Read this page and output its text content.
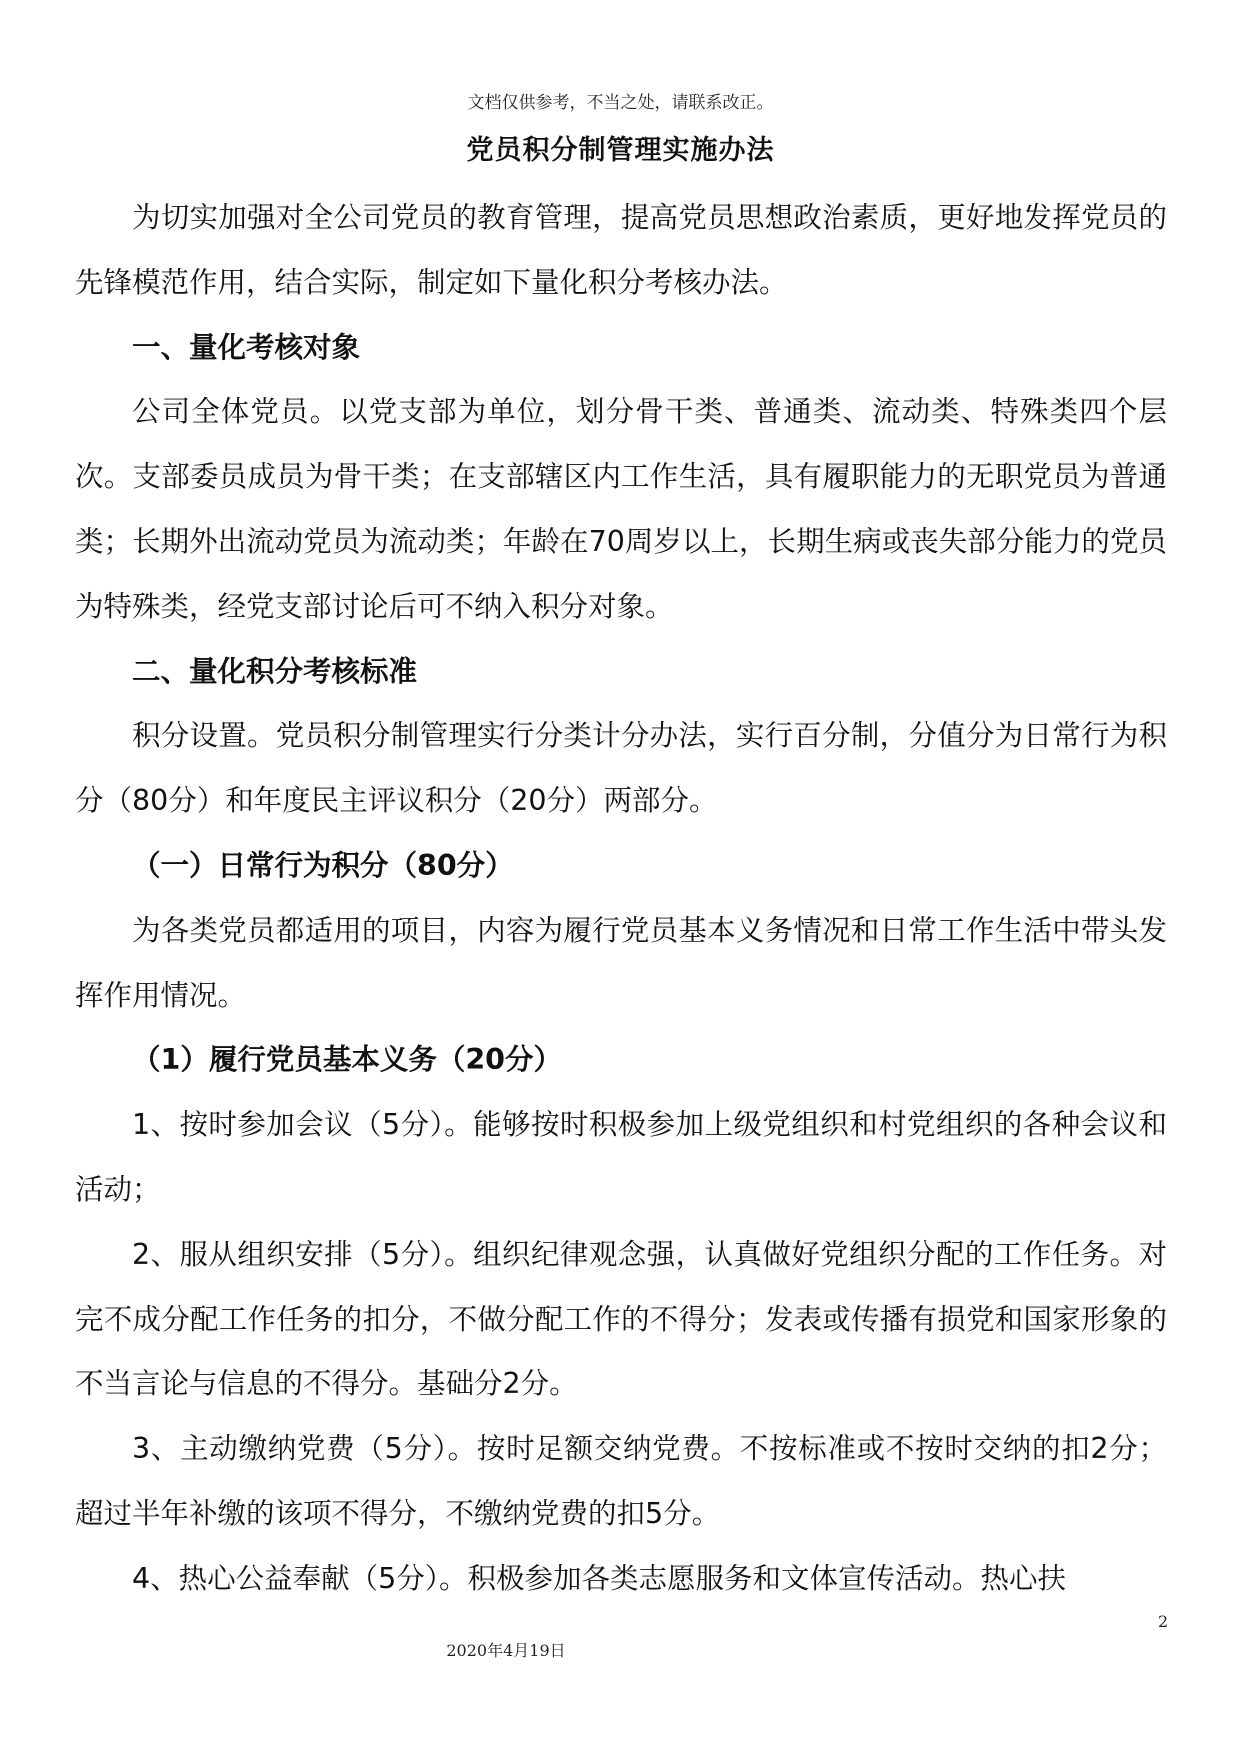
文档仅供参考，不当之处，请联系改正。
党员积分制管理实施办法

为切实加强对全公司党员的教育管理，提高党员思想政治素质，更好地发挥党员的先锋模范作用，结合实际，制定如下量化积分考核办法。

一、量化考核对象

公司全体党员。以党支部为单位，划分骨干类、普通类、流动类、特殊类四个层次。支部委员成员为骨干类；在支部辖区内工作生活，具有履职能力的无职党员为普通类；长期外出流动党员为流动类；年龄在70周岁以上，长期生病或丧失部分能力的党员为特殊类，经党支部讨论后可不纳入积分对象。

二、量化积分考核标准

积分设置。党员积分制管理实行分类计分办法，实行百分制，分值分为日常行为积分（80分）和年度民主评议积分（20分）两部分。

（一）日常行为积分（80分）

为各类党员都适用的项目，内容为履行党员基本义务情况和日常工作生活中带头发挥作用情况。

（1）履行党员基本义务（20分）

1、按时参加会议（5分）。能够按时积极参加上级党组织和村党组织的各种会议和活动；

2、服从组织安排（5分）。组织纪律观念强，认真做好党组织分配的工作任务。对完不成分配工作任务的扣分，不做分配工作的不得分；发表或传播有损党和国家形象的不当言论与信息的不得分。基础分2分。

3、主动缴纳党费（5分）。按时足额交纳党费。不按标准或不按时交纳的扣2分；超过半年补缴的该项不得分，不缴纳党费的扣5分。

4、热心公益奉献（5分）。积极参加各类志愿服务和文体宣传活动。热心扶

2
2020年4月19日
